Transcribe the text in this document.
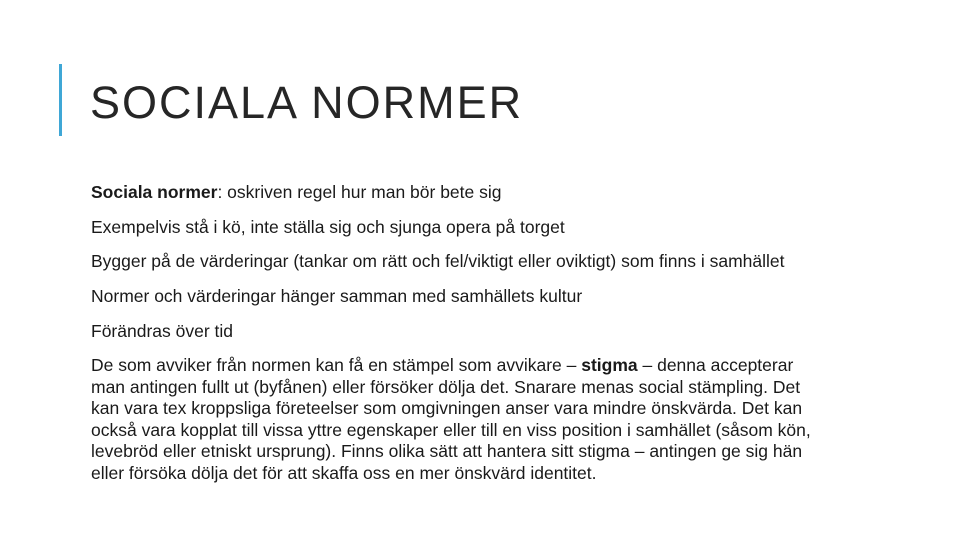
SOCIALA NORMER
Sociala normer: oskriven regel hur man bör bete sig
Exempelvis stå i kö, inte ställa sig och sjunga opera på torget
Bygger på de värderingar (tankar om rätt och fel/viktigt eller oviktigt) som finns i samhället
Normer och värderingar hänger samman med samhällets kultur
Förändras över tid
De som avviker från normen kan få en stämpel som avvikare – stigma – denna accepterar man antingen fullt ut (byfånen) eller försöker dölja det. Snarare menas social stämpling. Det kan vara tex kroppsliga företeelser som omgivningen anser vara mindre önskvärda. Det kan också vara kopplat till vissa yttre egenskaper eller till en viss position i samhället (såsom kön, levebröd eller etniskt ursprung). Finns olika sätt att hantera sitt stigma – antingen ge sig hän eller försöka dölja det för att skaffa oss en mer önskvärd identitet.
